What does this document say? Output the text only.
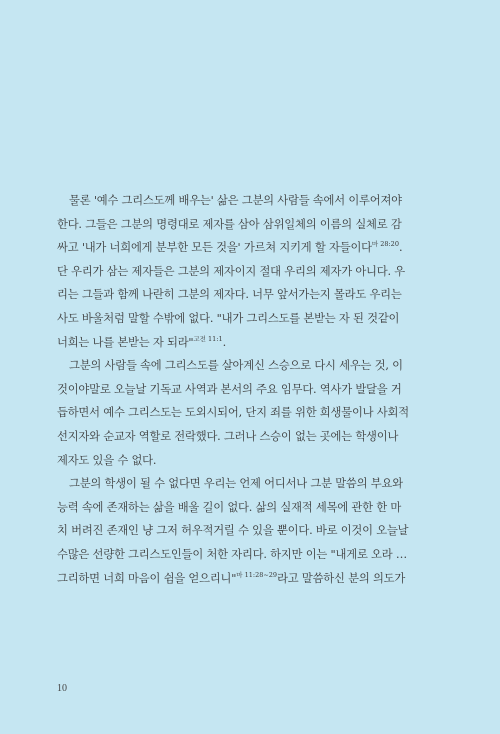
물론 '예수 그리스도께 배우는' 삶은 그분의 사람들 속에서 이루어져야
한다. 그들은 그분의 명령대로 제자를 삼아 삼위일체의 이름의 실체로 감
싸고 '내가 너희에게 분부한 모든 것을' 가르쳐 지키게 할 자들이다$^{마 28:20}$.
단 우리가 삼는 제자들은 그분의 제자이지 절대 우리의 제자가 아니다. 우
리는 그들과 함께 나란히 그분의 제자다. 너무 앞서가는지 몰라도 우리는
사도 바울처럼 말할 수밖에 없다. "내가 그리스도를 본받는 자 된 것같이
너희는 나를 본받는 자 되라"$^{고전 11:1}$.

그분의 사람들 속에 그리스도를 살아계신 스승으로 다시 세우는 것, 이
것이야말로 오늘날 기독교 사역과 본서의 주요 임무다. 역사가 발달을 거
듭하면서 예수 그리스도는 도외시되어, 단지 죄를 위한 희생물이나 사회적
선지자와 순교자 역할로 전락했다. 그러나 스승이 없는 곳에는 학생이나
제자도 있을 수 없다.

그분의 학생이 될 수 없다면 우리는 언제 어디서나 그분 말씀의 부요와
능력 속에 존재하는 삶을 배울 길이 없다. 삶의 실재적 세목에 관한 한 마
치 버려진 존재인 냥 그저 허우적거릴 수 있을 뿐이다. 바로 이것이 오늘날
수많은 선량한 그리스도인들이 처한 자리다. 하지만 이는 "내게로 오라 …
그리하면 너희 마음이 쉼을 얻으리니"$^{마 11:28\sim 29}$라고 말씀하신 분의 의도가

10
